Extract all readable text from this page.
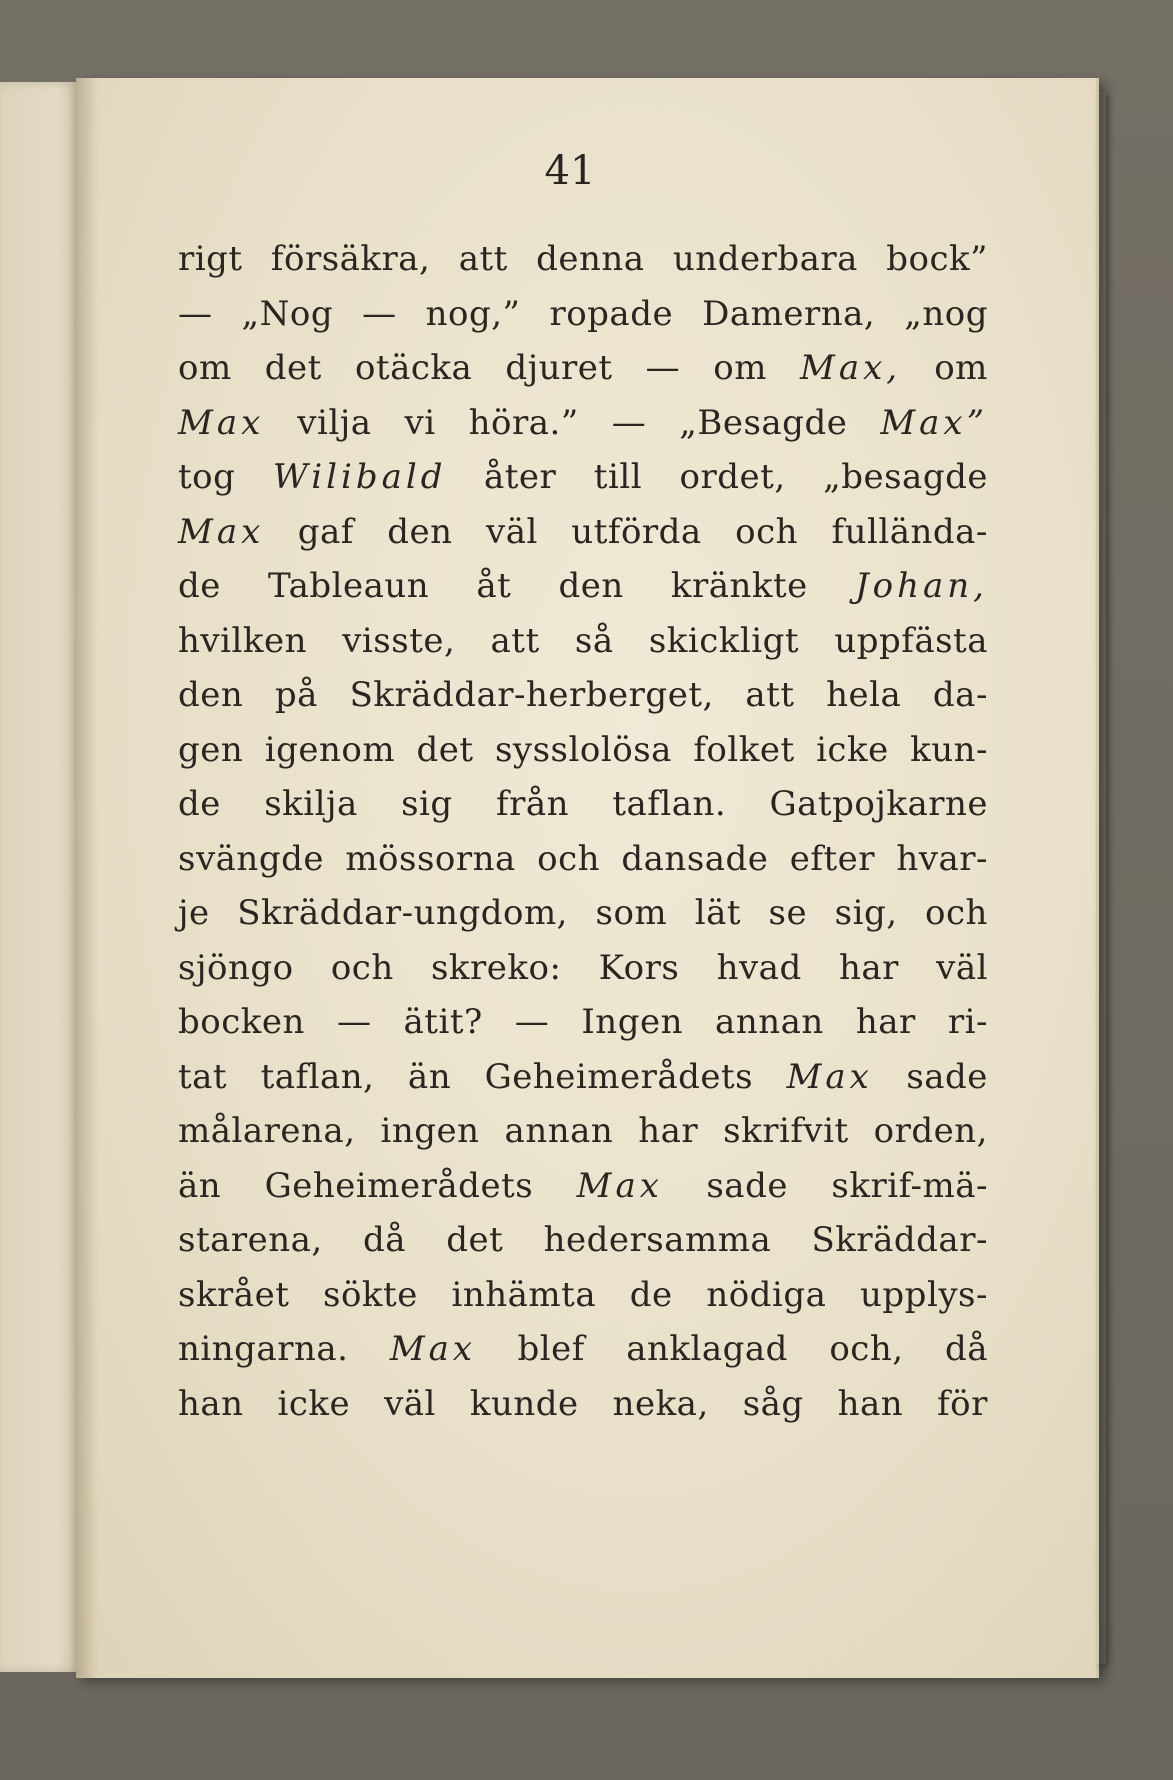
41
rigt försäkra, att denna underbara bock”
— „Nog — nog,” ropade Damerna, „nog
om det otäcka djuret — om Max, om
Max vilja vi höra.” — „Besagde Max”
tog Wilibald åter till ordet, „besagde
Max gaf den väl utförda och fullända-
de Tableaun åt den kränkte Johan,
hvilken visste, att så skickligt uppfästa
den på Skräddar-herberget, att hela da-
gen igenom det sysslolösa folket icke kun-
de skilja sig från taflan. Gatpojkarne
svängde mössorna och dansade efter hvar-
je Skräddar-ungdom, som lät se sig, och
sjöngo och skreko: Kors hvad har väl
bocken — ätit? — Ingen annan har ri-
tat taflan, än Geheimerådets Max sade
målarena, ingen annan har skrifvit orden,
än Geheimerådets Max sade skrif-mä-
starena, då det hedersamma Skräddar-
skrået sökte inhämta de nödiga upplys-
ningarna. Max blef anklagad och, då
han icke väl kunde neka, såg han för
